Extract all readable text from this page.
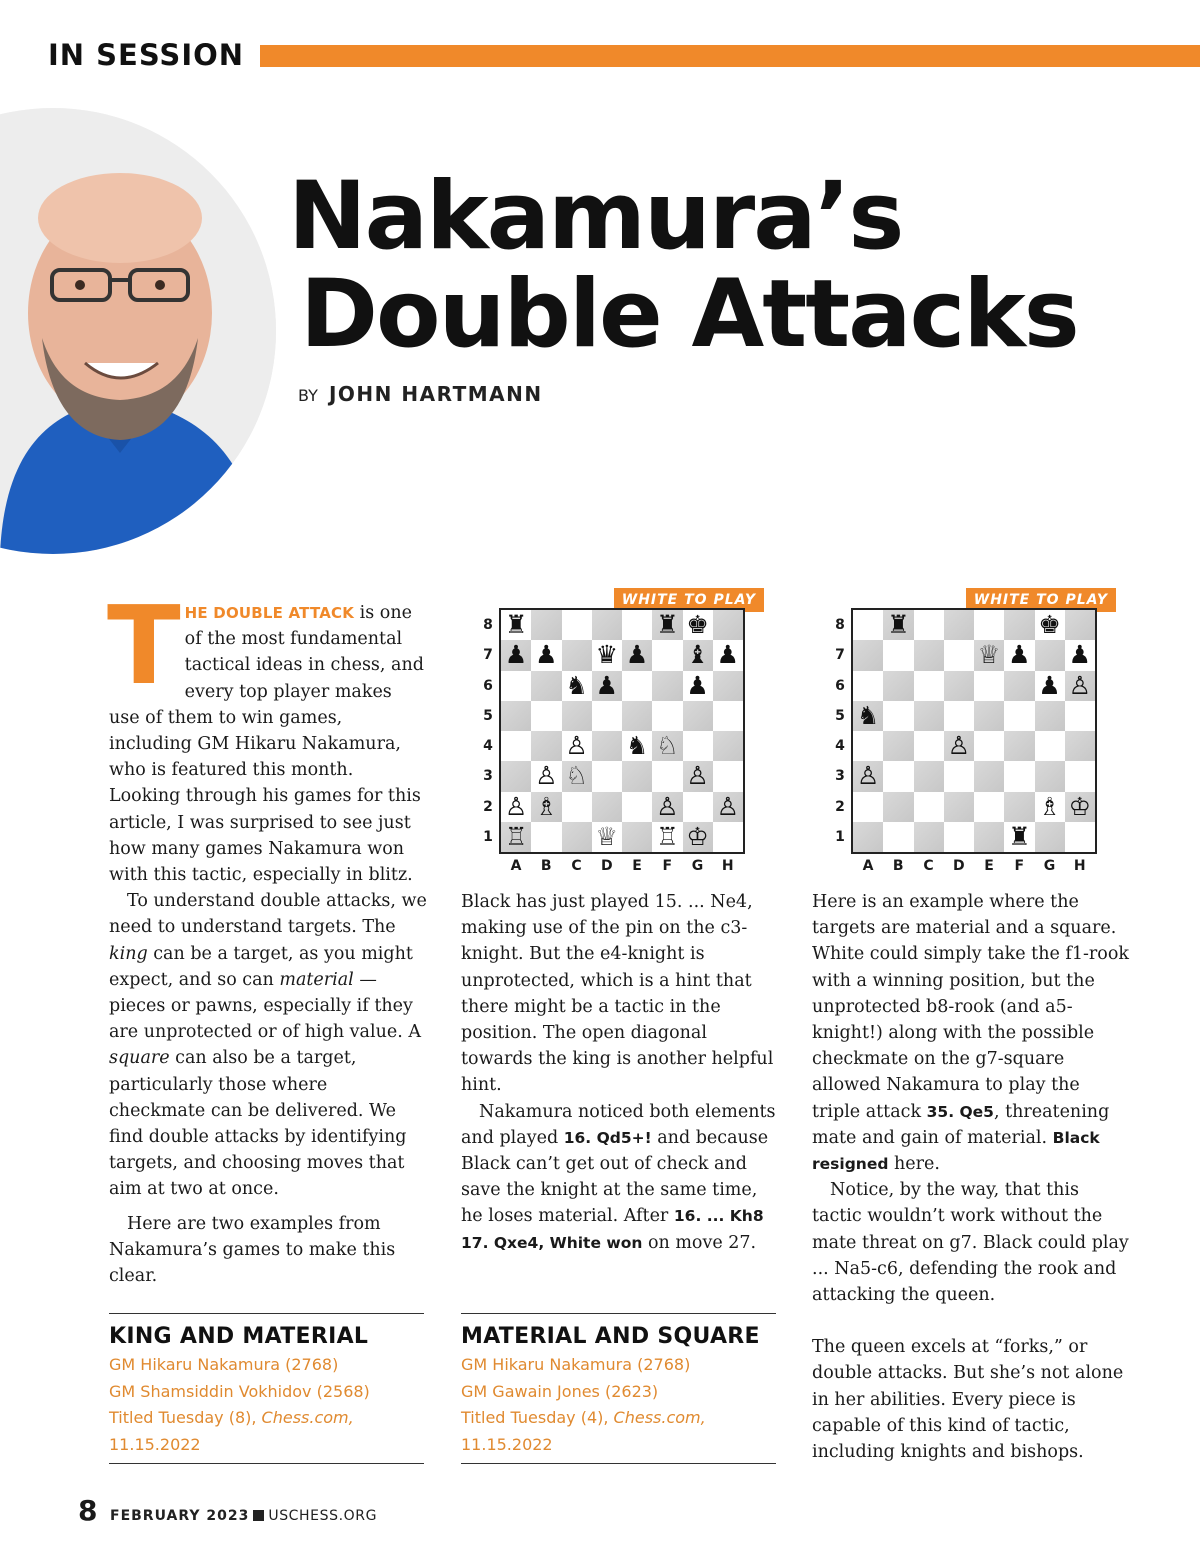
IN SESSION
Nakamura’s
Double Attacks
BY JOHN HARTMANN

THE DOUBLE ATTACK is one of the most fundamental tactical ideas in chess, and every top player makes use of them to win games, including GM Hikaru Nakamura, who is featured this month. Looking through his games for this article, I was surprised to see just how many games Nakamura won with this tactic, especially in blitz.

To understand double attacks, we need to understand targets. The king can be a target, as you might expect, and so can material — pieces or pawns, especially if they are unprotected or of high value. A square can also be a target, particularly those where checkmate can be delivered. We find double attacks by identifying targets, and choosing moves that aim at two at once.

Here are two examples from Nakamura’s games to make this clear.

WHITE TO PLAY
♜	♜ ♚
♟ ♟ ♛ ♟ ♝ ♟
♞ ♟	♟
♙ ♞ ♘
♙ ♘	♙
♙ ♗	♙ ♙
♖	♕ ♖ ♔
8
7
6
5
4
3
2
1
A	B	C	D	E	F	G	H
WHITE TO PLAY
♜	♚
♕ ♟ ♟
♟ ♙
♞
♙
♙
♗ ♔
♜
8
7
6
5
4
3
2
1
A	B	C	D	E	F	G	H

Black has just played 15. ... Ne4, making use of the pin on the c3-knight. But the e4-knight is unprotected, which is a hint that there might be a tactic in the position. The open diagonal towards the king is another helpful hint.

Nakamura noticed both elements and played 16. Qd5+! and because Black can’t get out of check and save the knight at the same time, he loses material. After 16. ... Kh8 17. Qxe4, White won on move 27.

Here is an example where the targets are material and a square. White could simply take the f1-rook with a winning position, but the unprotected b8-rook (and a5-knight!) along with the possible checkmate on the g7-square allowed Nakamura to play the triple attack 35. Qe5, threatening mate and gain of material. Black resigned here.

Notice, by the way, that this tactic wouldn’t work without the mate threat on g7. Black could play ... Na5-c6, defending the rook and attacking the queen.

The queen excels at “forks,” or double attacks. But she’s not alone in her abilities. Every piece is capable of this kind of tactic, including knights and bishops.

KING AND MATERIAL
GM Hikaru Nakamura (2768)
GM Shamsiddin Vokhidov (2568)
Titled Tuesday (8), Chess.com,
11.15.2022
MATERIAL AND SQUARE
GM Hikaru Nakamura (2768)
GM Gawain Jones (2623)
Titled Tuesday (4), Chess.com,
11.15.2022
8 FEBRUARY 2023 USCHESS.ORG
